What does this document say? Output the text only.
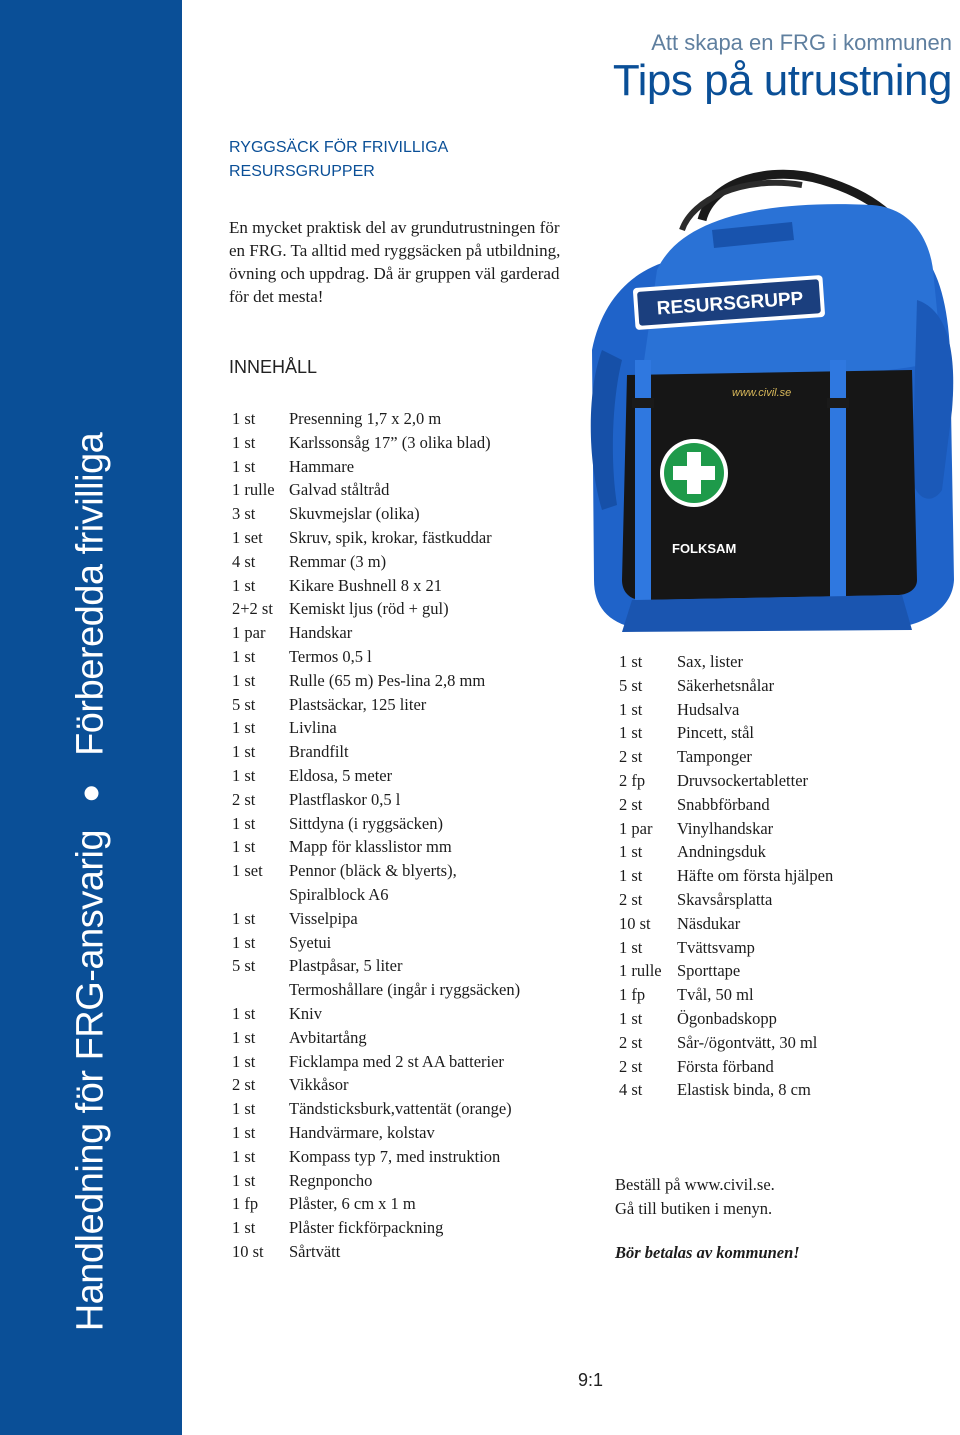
Handledning för FRG-ansvarig
Förberedda frivilliga
Att skapa en FRG i kommunen
Tips på utrustning
RYGGSÄCK FÖR FRIVILLIGA
RESURSGRUPPER
En mycket praktisk del av grundutrustningen för en FRG. Ta alltid med ryggsäcken på utbildning, övning och uppdrag. Då är gruppen väl garderad för det mesta!
INNEHÅLL
1 st	Presenning 1,7 x 2,0 m
1 st	Karlssonsåg 17” (3 olika blad)
1 st	Hammare
1 rulle Galvad ståltråd
3 st	Skuvmejslar (olika)
1 set	Skruv, spik, krokar, fästkuddar
4 st	Remmar (3 m)
1 st	Kikare Bushnell 8 x 21
2+2 st Kemiskt ljus (röd + gul)
1 par	Handskar
1 st	Termos 0,5 l
1 st	Rulle (65 m) Pes-lina 2,8 mm
5 st	Plastsäckar, 125 liter
1 st	Livlina
1 st	Brandfilt
1 st	Eldosa, 5 meter
2 st	Plastflaskor 0,5 l
1 st	Sittdyna (i ryggsäcken)
1 st	Mapp för klasslistor mm
1 set	Pennor (bläck & blyerts),
Spiralblock A6
1 st	Visselpipa
1 st	Syetui
5 st	Plastpåsar, 5 liter
Termoshållare (ingår i ryggsäcken)
1 st	Kniv
1 st	Avbitartång
1 st	Ficklampa med 2 st AA batterier
2 st	Vikkåsor
1 st	Tändsticksburk,vattentät (orange)
1 st	Handvärmare, kolstav
1 st	Kompass typ 7, med instruktion
1 st	Regnponcho
1 fp	Plåster, 6 cm x 1 m
1 st	Plåster fickförpackning
10 st	Sårtvätt
1 st	Sax, lister
5 st	Säkerhetsnålar
1 st	Hudsalva
1 st	Pincett, stål
2 st	Tamponger
2 fp	Druvsockertabletter
2 st	Snabbförband
1 par	Vinylhandskar
1 st	Andningsduk
1 st	Häfte om första hjälpen
2 st	Skavsårsplatta
10 st	Näsdukar
1 st	Tvättsvamp
1 rulle Sporttape
1 fp	Tvål, 50 ml
1 st	Ögonbadskopp
2 st	Sår-/ögontvätt, 30 ml
2 st	Första förband
4 st	Elastisk binda, 8 cm
Beställ på www.civil.se.
Gå till butiken i menyn.
Bör betalas av kommunen!
9:1
RESURSGRUPP
www.civil.se
FOLKSAM
